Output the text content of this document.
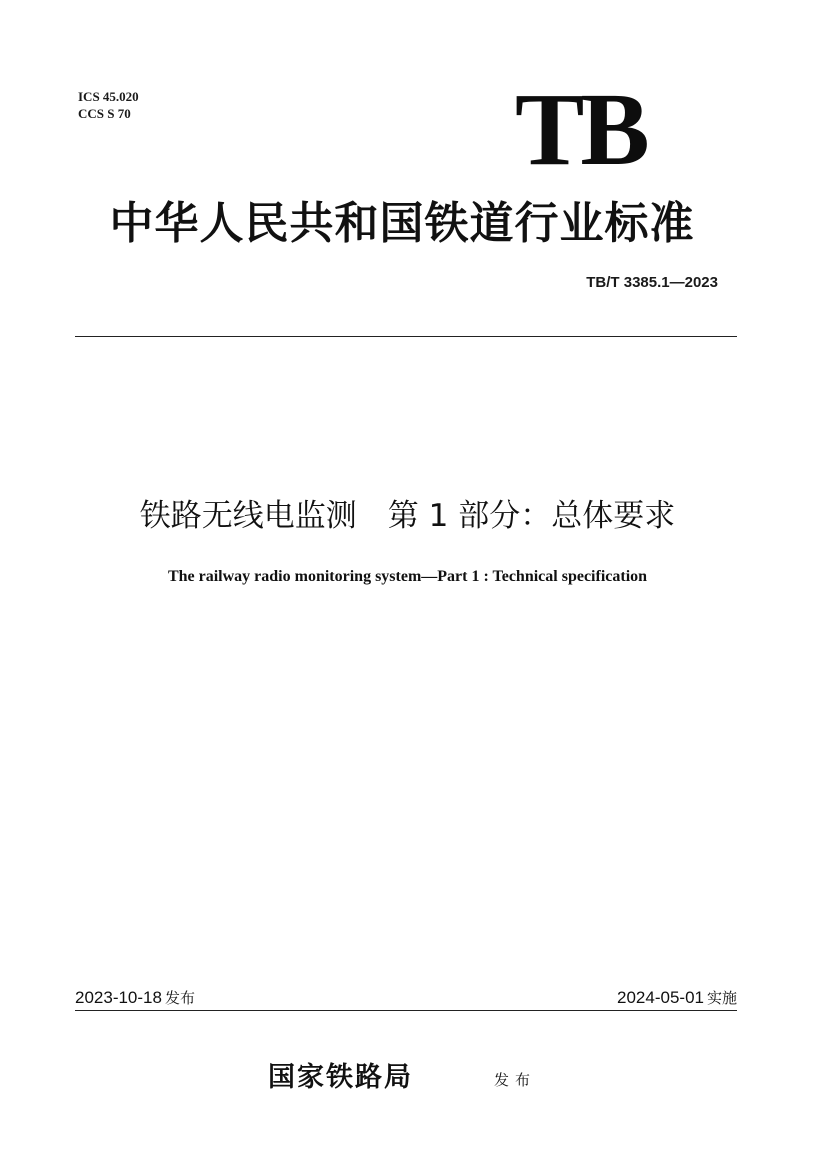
ICS 45.020
CCS S 70	TB
中华人民共和国铁道行业标准
TB/T 3385.1—2023
铁路无线电监测　第 1 部分：总体要求
The railway radio monitoring system—Part 1 : Technical specification
2023-10-18 发布	2024-05-01 实施
国家铁路局	发布
